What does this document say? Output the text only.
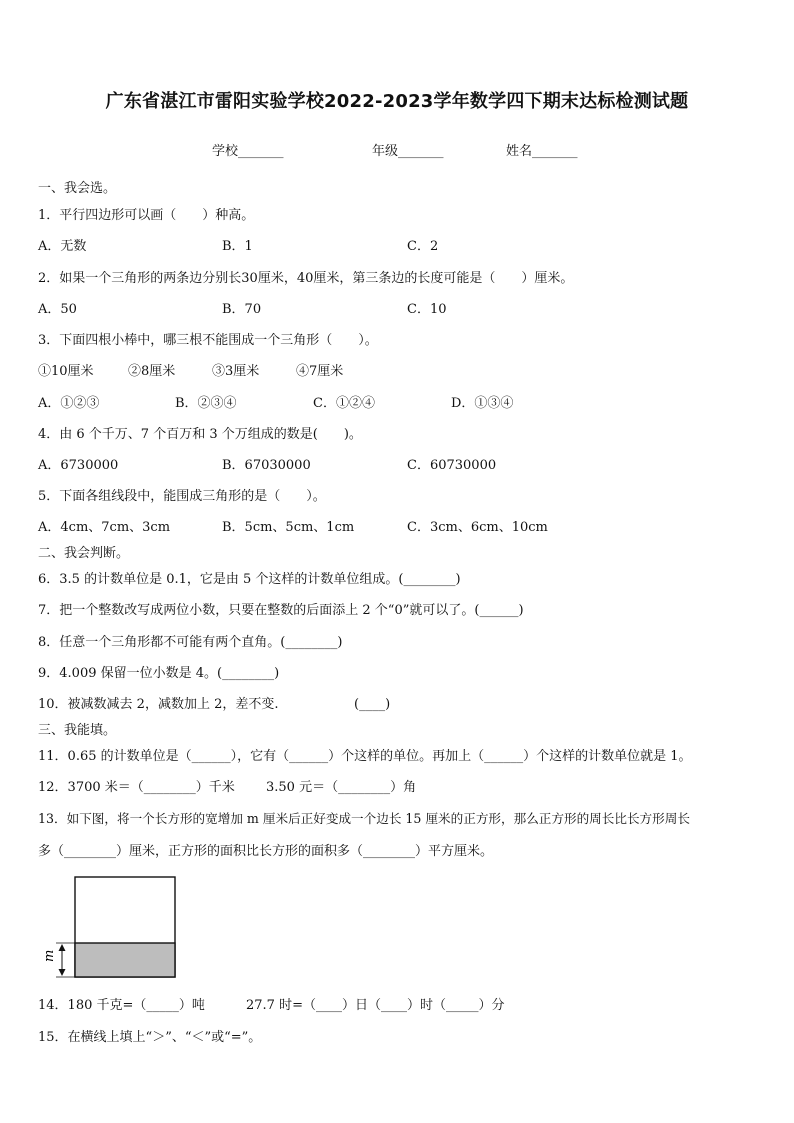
广东省湛江市雷阳实验学校2022-2023学年数学四下期末达标检测试题
学校_______	年级_______	姓名_______
一、我会选。
1．平行四边形可以画（　　）种高。
A．无数	B．1	C．2
2．如果一个三角形的两条边分别长30厘米，40厘米，第三条边的长度可能是（　　）厘米。
A．50	B．70	C．10
3．下面四根小棒中，哪三根不能围成一个三角形（　　）。
①10厘米	②8厘米	③3厘米	④7厘米
A．①②③	B．②③④	C．①②④	D．①③④
4．由 6 个千万、7 个百万和 3 个万组成的数是(　　)。
A．6730000	B．67030000	C．60730000
5．下面各组线段中，能围成三角形的是（　　）。
A．4cm、7cm、3cm	B．5cm、5cm、1cm	C．3cm、6cm、10cm
二、我会判断。
6．3.5 的计数单位是 0.1，它是由 5 个这样的计数单位组成。(________)
7．把一个整数改写成两位小数，只要在整数的后面添上 2 个“0”就可以了。(______)
8．任意一个三角形都不可能有两个直角。(________)
9．4.009 保留一位小数是 4。(________)
10．被减数减去 2，减数加上 2，差不变.	(____)
三、我能填。
11．0.65 的计数单位是（______），它有（______）个这样的单位。再加上（______）个这样的计数单位就是 1。
12．3700 米＝（________）千米 3.50 元＝（________）角
13．如下图，将一个长方形的宽增加 m 厘米后正好变成一个边长 15 厘米的正方形，那么正方形的周长比长方形周长
多（________）厘米，正方形的面积比长方形的面积多（________）平方厘米。
m
14．180 千克=（_____）吨	27.7 时=（____）日（____）时（_____）分
15．在横线上填上“＞”、“＜”或“=”。
